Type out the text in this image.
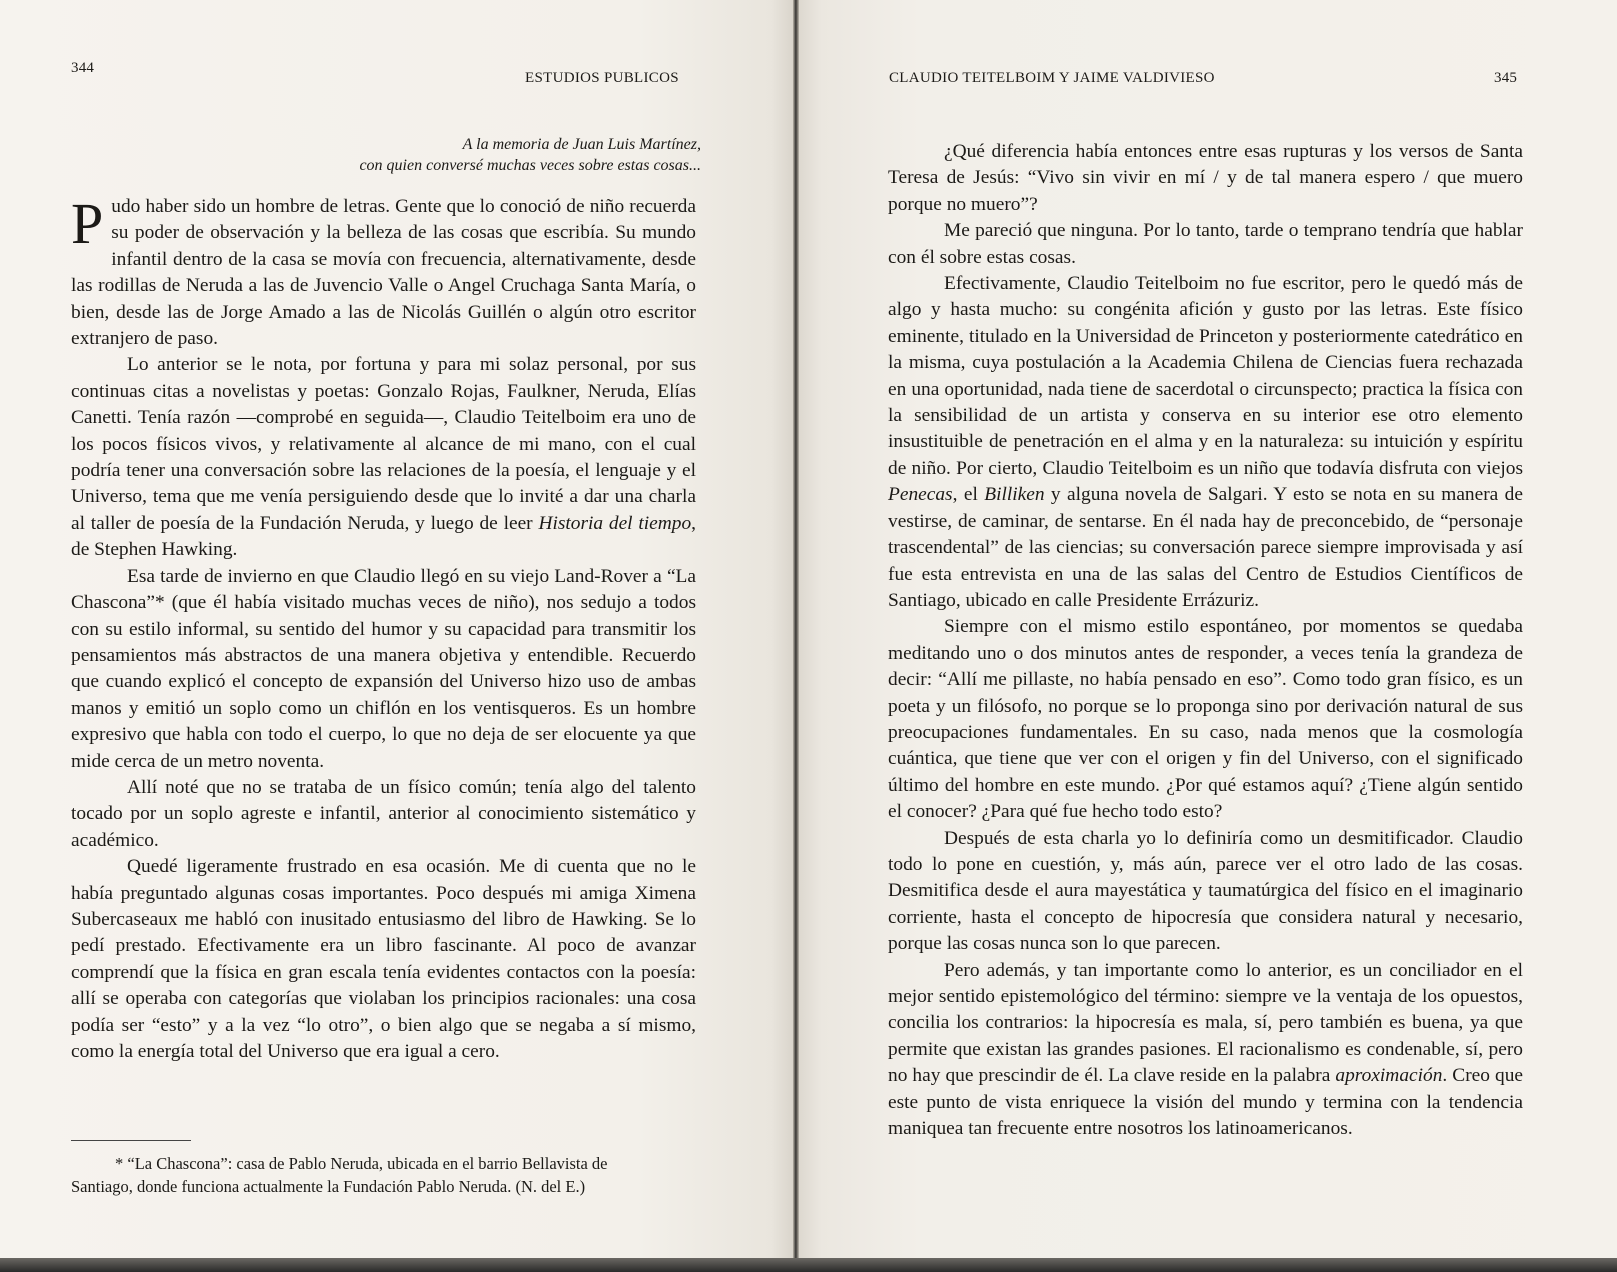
344
ESTUDIOS PUBLICOS
A la memoria de Juan Luis Martínez,
con quien conversé muchas veces sobre estas cosas...

Pudo haber sido un hombre de letras. Gente que lo conoció de niño recuerda su poder de observación y la belleza de las cosas que escribía. Su mundo infantil dentro de la casa se movía con frecuencia, alternativamente, desde las rodillas de Neruda a las de Juvencio Valle o Angel Cruchaga Santa María, o bien, desde las de Jorge Amado a las de Nicolás Guillén o algún otro escritor extranjero de paso.

Lo anterior se le nota, por fortuna y para mi solaz personal, por sus continuas citas a novelistas y poetas: Gonzalo Rojas, Faulkner, Neruda, Elías Canetti. Tenía razón —comprobé en seguida—, Claudio Teitelboim era uno de los pocos físicos vivos, y relativamente al alcance de mi mano, con el cual podría tener una conversación sobre las relaciones de la poesía, el lenguaje y el Universo, tema que me venía persiguiendo desde que lo invité a dar una charla al taller de poesía de la Fundación Neruda, y luego de leer Historia del tiempo, de Stephen Hawking.

Esa tarde de invierno en que Claudio llegó en su viejo Land-Rover a “La Chascona”* (que él había visitado muchas veces de niño), nos sedujo a todos con su estilo informal, su sentido del humor y su capacidad para transmitir los pensamientos más abstractos de una manera objetiva y entendible. Recuerdo que cuando explicó el concepto de expansión del Universo hizo uso de ambas manos y emitió un soplo como un chiflón en los ventisqueros. Es un hombre expresivo que habla con todo el cuerpo, lo que no deja de ser elocuente ya que mide cerca de un metro noventa.

Allí noté que no se trataba de un físico común; tenía algo del talento tocado por un soplo agreste e infantil, anterior al conocimiento sistemático y académico.

Quedé ligeramente frustrado en esa ocasión. Me di cuenta que no le había preguntado algunas cosas importantes. Poco después mi amiga Ximena Subercaseaux me habló con inusitado entusiasmo del libro de Hawking. Se lo pedí prestado. Efectivamente era un libro fascinante. Al poco de avanzar comprendí que la física en gran escala tenía evidentes contactos con la poesía: allí se operaba con categorías que violaban los principios racionales: una cosa podía ser “esto” y a la vez “lo otro”, o bien algo que se negaba a sí mismo, como la energía total del Universo que era igual a cero.

* “La Chascona”: casa de Pablo Neruda, ubicada en el barrio Bellavista de
Santiago, donde funciona actualmente la Fundación Pablo Neruda. (N. del E.)
CLAUDIO TEITELBOIM Y JAIME VALDIVIESO	345

¿Qué diferencia había entonces entre esas rupturas y los versos de Santa Teresa de Jesús: “Vivo sin vivir en mí / y de tal manera espero / que muero porque no muero”?

Me pareció que ninguna. Por lo tanto, tarde o temprano tendría que hablar con él sobre estas cosas.

Efectivamente, Claudio Teitelboim no fue escritor, pero le quedó más de algo y hasta mucho: su congénita afición y gusto por las letras. Este físico eminente, titulado en la Universidad de Princeton y posteriormente catedrático en la misma, cuya postulación a la Academia Chilena de Ciencias fuera rechazada en una oportunidad, nada tiene de sacerdotal o circunspecto; practica la física con la sensibilidad de un artista y conserva en su interior ese otro elemento insustituible de penetración en el alma y en la naturaleza: su intuición y espíritu de niño. Por cierto, Claudio Teitelboim es un niño que todavía disfruta con viejos Penecas, el Billiken y alguna novela de Salgari. Y esto se nota en su manera de vestirse, de caminar, de sentarse. En él nada hay de preconcebido, de “personaje trascendental” de las ciencias; su conversación parece siempre improvisada y así fue esta entrevista en una de las salas del Centro de Estudios Científicos de Santiago, ubicado en calle Presidente Errázuriz.

Siempre con el mismo estilo espontáneo, por momentos se quedaba meditando uno o dos minutos antes de responder, a veces tenía la grandeza de decir: “Allí me pillaste, no había pensado en eso”. Como todo gran físico, es un poeta y un filósofo, no porque se lo proponga sino por derivación natural de sus preocupaciones fundamentales. En su caso, nada menos que la cosmología cuántica, que tiene que ver con el origen y fin del Universo, con el significado último del hombre en este mundo. ¿Por qué estamos aquí? ¿Tiene algún sentido el conocer? ¿Para qué fue hecho todo esto?

Después de esta charla yo lo definiría como un desmitificador. Claudio todo lo pone en cuestión, y, más aún, parece ver el otro lado de las cosas. Desmitifica desde el aura mayestática y taumatúrgica del físico en el imaginario corriente, hasta el concepto de hipocresía que considera natural y necesario, porque las cosas nunca son lo que parecen.

Pero además, y tan importante como lo anterior, es un conciliador en el mejor sentido epistemológico del término: siempre ve la ventaja de los opuestos, concilia los contrarios: la hipocresía es mala, sí, pero también es buena, ya que permite que existan las grandes pasiones. El racionalismo es condenable, sí, pero no hay que prescindir de él. La clave reside en la palabra aproximación. Creo que este punto de vista enriquece la visión del mundo y termina con la tendencia maniquea tan frecuente entre nosotros los latinoamericanos.
